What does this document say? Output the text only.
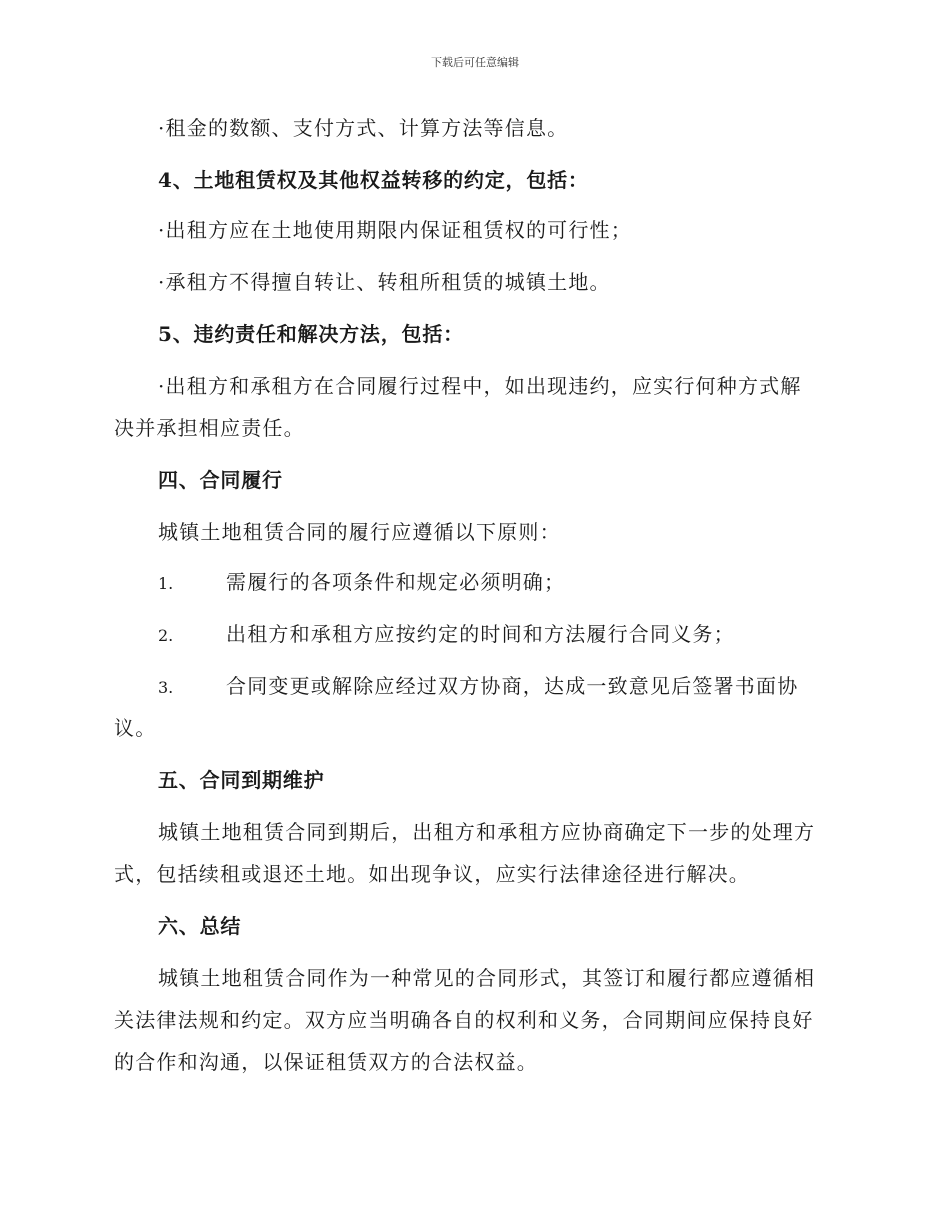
下载后可任意编辑
·租金的数额、支付方式、计算方法等信息。
4、土地租赁权及其他权益转移的约定，包括：
·出租方应在土地使用期限内保证租赁权的可行性；
·承租方不得擅自转让、转租所租赁的城镇土地。
5、违约责任和解决方法，包括：
·出租方和承租方在合同履行过程中，如出现违约，应实行何种方式解
决并承担相应责任。
四、合同履行
城镇土地租赁合同的履行应遵循以下原则：
1.	需履行的各项条件和规定必须明确；
2.	出租方和承租方应按约定的时间和方法履行合同义务；
3.	合同变更或解除应经过双方协商，达成一致意见后签署书面协
议。
五、合同到期维护
城镇土地租赁合同到期后，出租方和承租方应协商确定下一步的处理方
式，包括续租或退还土地。如出现争议，应实行法律途径进行解决。
六、总结
城镇土地租赁合同作为一种常见的合同形式，其签订和履行都应遵循相
关法律法规和约定。双方应当明确各自的权利和义务，合同期间应保持良好
的合作和沟通，以保证租赁双方的合法权益。
